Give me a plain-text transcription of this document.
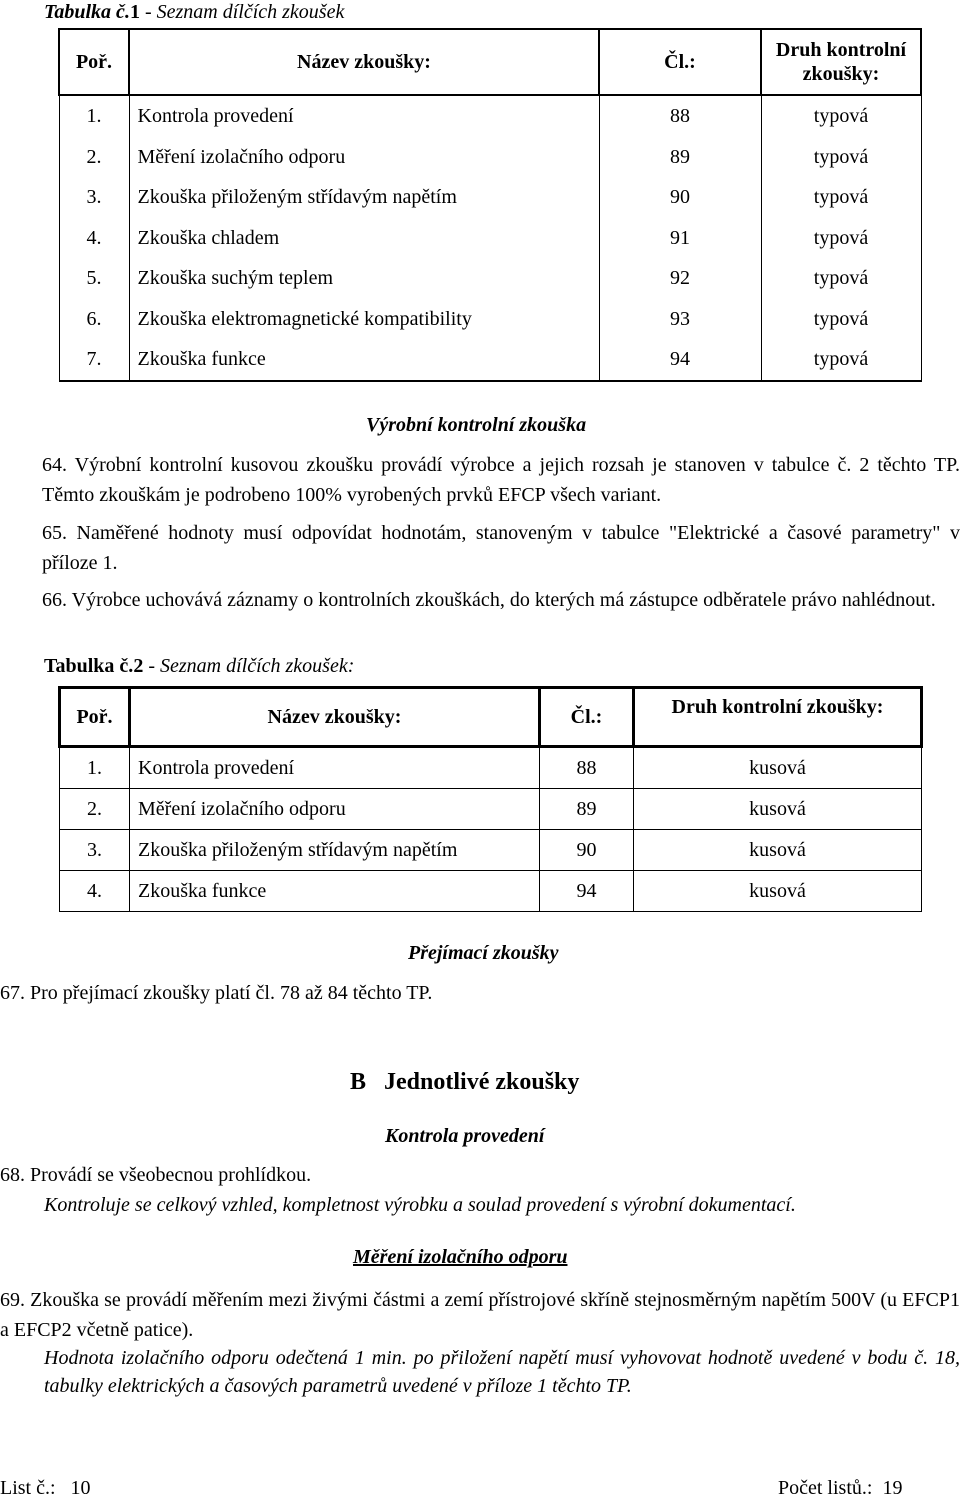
Tabulka č.1 - Seznam dílčích zkoušek
Poř.	Název zkoušky:	Čl.:	Druh kontrolní zkoušky:
1.	Kontrola provedení	88	typová
2.	Měření izolačního odporu	89	typová
3.	Zkouška přiloženým střídavým napětím	90	typová
4.	Zkouška chladem	91	typová
5.	Zkouška suchým teplem	92	typová
6.	Zkouška elektromagnetické kompatibility	93	typová
7.	Zkouška funkce	94	typová
Výrobní kontrolní zkouška
64. Výrobní kontrolní kusovou zkoušku provádí výrobce a jejich rozsah je stanoven v tabulce č. 2 těchto TP. Těmto zkouškám je podrobeno 100% vyrobených prvků EFCP všech variant.
65. Naměřené hodnoty musí odpovídat hodnotám, stanoveným v tabulce "Elektrické a časové parametry" v příloze 1.
66. Výrobce uchovává záznamy o kontrolních zkouškách, do kterých má zástupce odběratele právo nahlédnout.
Tabulka č.2 - Seznam dílčích zkoušek:
Poř.	Název zkoušky:	Čl.:	Druh kontrolní zkoušky:
1.	Kontrola provedení	88	kusová
2.	Měření izolačního odporu	89	kusová
3.	Zkouška přiloženým střídavým napětím	90	kusová
4.	Zkouška funkce	94	kusová
Přejímací zkoušky
67. Pro přejímací zkoušky platí čl. 78 až 84 těchto TP.
B Jednotlivé zkoušky
Kontrola provedení
68. Provádí se všeobecnou prohlídkou.
Kontroluje se celkový vzhled, kompletnost výrobku a soulad provedení s výrobní dokumentací.
Měření izolačního odporu
69. Zkouška se provádí měřením mezi živými částmi a zemí přístrojové skříně stejnosměrným napětím 500V (u EFCP1 a EFCP2 včetně patice).
Hodnota izolačního odporu odečtená 1 min. po přiložení napětí musí vyhovovat hodnotě uvedené v bodu č. 18, tabulky elektrických a časových parametrů uvedené v příloze 1 těchto TP.
List č.: 10	Počet listů.: 19
